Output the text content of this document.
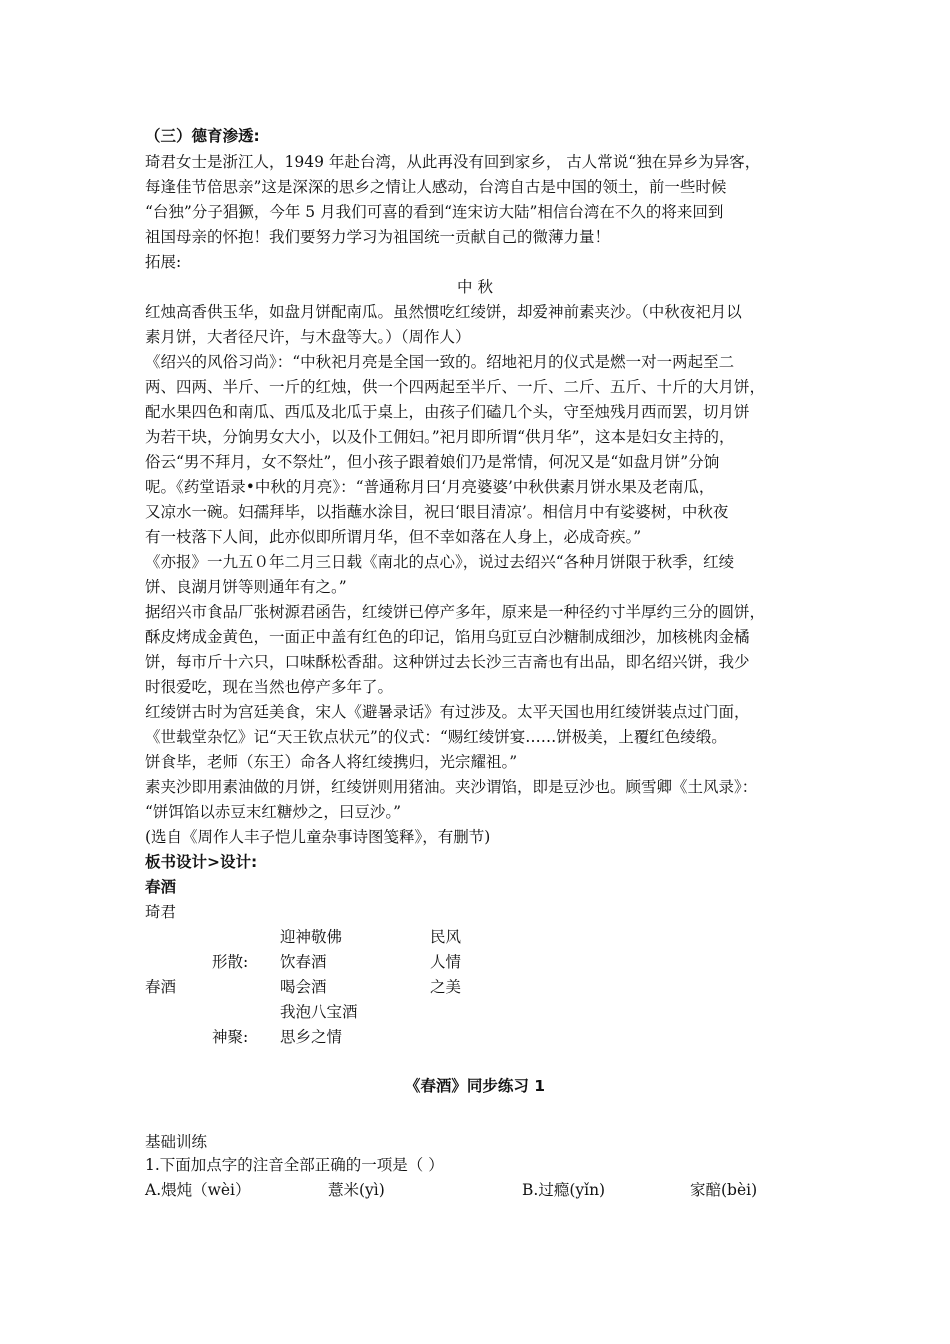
（三）德育渗透:
琦君女士是浙江人，1949 年赴台湾，从此再没有回到家乡， 古人常说“独在异乡为异客，
每逢佳节倍思亲”这是深深的思乡之情让人感动，台湾自古是中国的领土，前一些时候
“台独”分子猖獗，今年 5 月我们可喜的看到“连宋访大陆”相信台湾在不久的将来回到
祖国母亲的怀抱！我们要努力学习为祖国统一贡献自己的微薄力量！
拓展:
中 秋
红烛高香供玉华，如盘月饼配南瓜。虽然惯吃红绫饼，却爱神前素夹沙。（中秋夜祀月以
素月饼，大者径尺许，与木盘等大。）（周作人）
《绍兴的风俗习尚》：“中秋祀月亮是全国一致的。绍地祀月的仪式是燃一对一两起至二
两、四两、半斤、一斤的红烛，供一个四两起至半斤、一斤、二斤、五斤、十斤的大月饼，
配水果四色和南瓜、西瓜及北瓜于桌上，由孩子们磕几个头，守至烛残月西而罢，切月饼
为若干块，分饷男女大小，以及仆工佣妇。”祀月即所谓“供月华”，这本是妇女主持的，
俗云“男不拜月，女不祭灶”，但小孩子跟着娘们乃是常情，何况又是“如盘月饼”分饷
呢。《药堂语录•中秋的月亮》：“普通称月曰‘月亮婆婆’中秋供素月饼水果及老南瓜，
又凉水一碗。妇孺拜毕，以指蘸水涂目，祝曰‘眼目清凉’。相信月中有娑婆树，中秋夜
有一枝落下人间，此亦似即所谓月华，但不幸如落在人身上，必成奇疾。”
《亦报》一九五０年二月三日载《南北的点心》，说过去绍兴“各种月饼限于秋季，红绫
饼、良湖月饼等则通年有之。”
据绍兴市食品厂张树源君函告，红绫饼已停产多年，原来是一种径约寸半厚约三分的圆饼，
酥皮烤成金黄色，一面正中盖有红色的印记，馅用乌豇豆白沙糖制成细沙，加核桃肉金橘
饼，每市斤十六只，口味酥松香甜。这种饼过去长沙三吉斋也有出品，即名绍兴饼，我少
时很爱吃，现在当然也停产多年了。
红绫饼古时为宫廷美食，宋人《避暑录话》有过涉及。太平天国也用红绫饼装点过门面，
《世载堂杂忆》记“天王钦点状元”的仪式：“赐红绫饼宴……饼极美，上覆红色绫缎。
饼食毕，老师（东王）命各人将红绫携归，光宗耀祖。”
素夹沙即用素油做的月饼，红绫饼则用猪油。夹沙谓馅，即是豆沙也。顾雪卿《土风录》：
“饼饵馅以赤豆末红糖炒之，曰豆沙。”
(选自《周作人丰子恺儿童杂事诗图笺释》，有删节)
板书设计>设计:
春酒
琦君
迎神敬佛	民风
形散: 饮春酒	人情
春酒	喝会酒	之美
我泡八宝酒
神聚: 思乡之情
《春酒》同步练习 1
基础训练
1.下面加点字的注音全部正确的一项是（ ）
A.煨炖（wèi）	薏米(yì)	B.过瘾(yǐn)	家醅(bèi)
